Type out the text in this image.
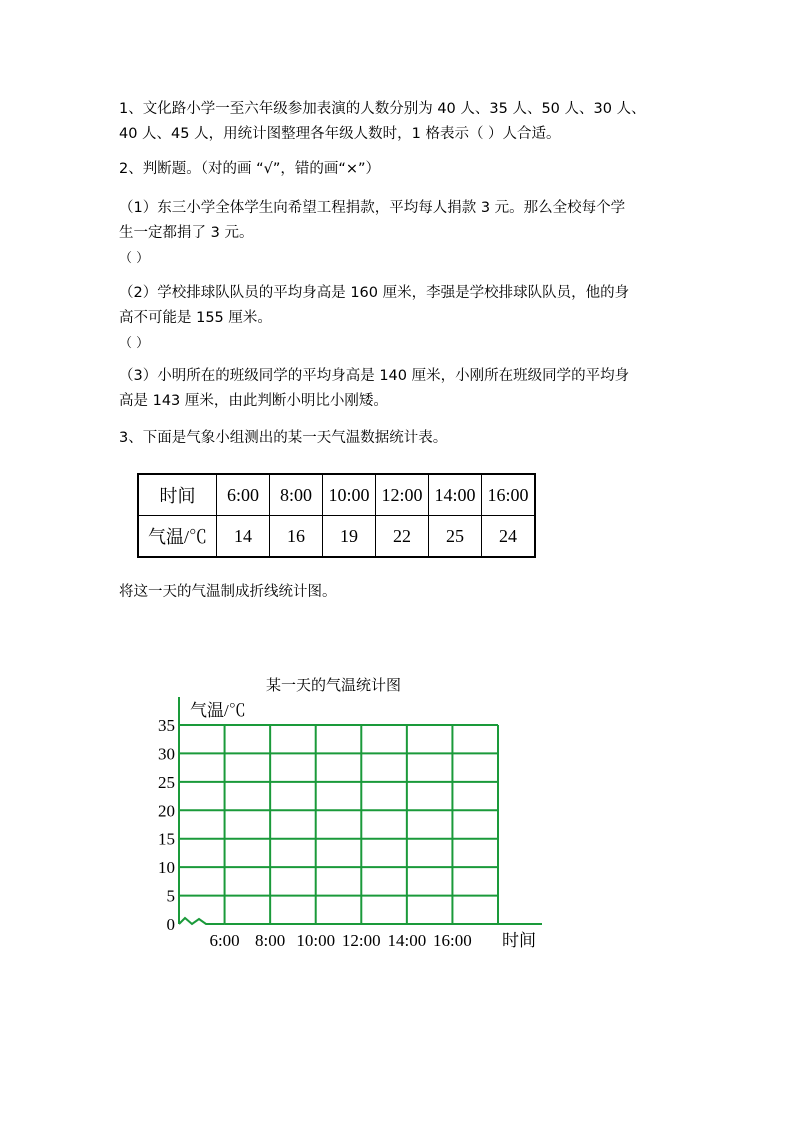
1、文化路小学一至六年级参加表演的人数分别为 40 人、35 人、50 人、30 人、
40 人、45 人，用统计图整理各年级人数时，1 格表示（ ）人合适。

2、判断题。（对的画 “√”，错的画“×”）

（1）东三小学全体学生向希望工程捐款，平均每人捐款 3 元。那么全校每个学
生一定都捐了 3 元。
（ ）

（2）学校排球队队员的平均身高是 160 厘米，李强是学校排球队队员，他的身
高不可能是 155 厘米。
（ ）

（3）小明所在的班级同学的平均身高是 140 厘米，小刚所在班级同学的平均身
高是 143 厘米，由此判断小明比小刚矮。

3、下面是气象小组测出的某一天气温数据统计表。

时间	6:00	8:00	10:00	12:00	14:00	16:00
气温/℃	14	16	19	22	25	24

将这一天的气温制成折线统计图。

某一天的气温统计图
0
5
10
15
20
25
30
35
气温/℃
6:00 8:00 10:00 12:00 14:00 16:00 时间
